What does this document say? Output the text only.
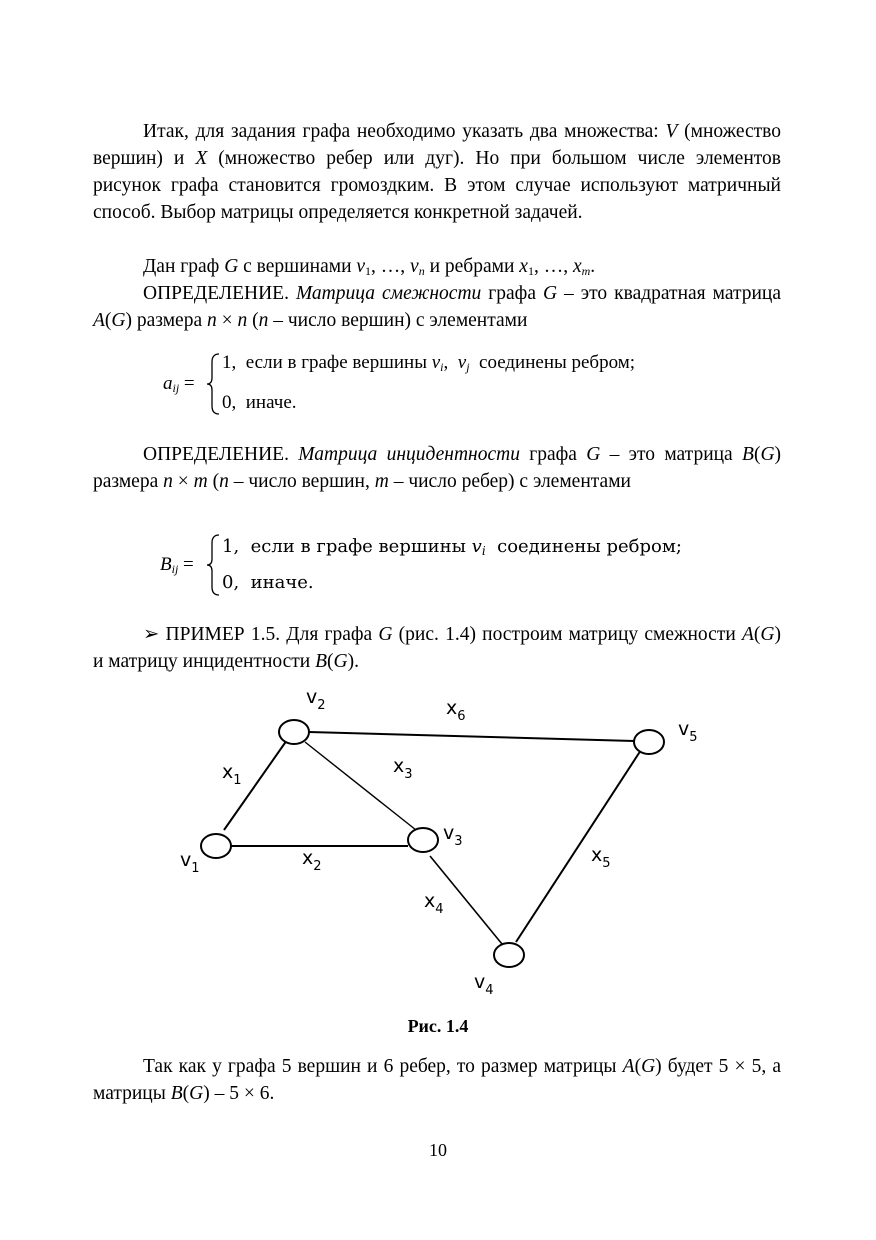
Итак, для задания графа необходимо указать два множества: V (множество вершин) и X (множество ребер или дуг). Но при большом числе элементов рисунок графа становится громоздким. В этом случае используют матричный способ. Выбор матрицы определяется конкретной задачей.

Дан граф G с вершинами $v_1$, …, $v_n$ и ребрами $x_1$, …, $x_m$.

ОПРЕДЕЛЕНИЕ. Матрица смежности графа G – это квадратная матрица A(G) размера n × n (n – число вершин) с элементами

$a_{ij}$ =
1, если в графе вершины $v_i$, $v_j$ соединены ребром;
0, иначе.

ОПРЕДЕЛЕНИЕ. Матрица инцидентности графа G – это матрица B(G) размера n × m (n – число вершин, m – число ребер) с элементами

$B_{ij}$ =
1, если в графе вершины $v_i$ соединены ребром;
0, иначе.

➢ ПРИМЕР 1.5. Для графа G (рис. 1.4) построим матрицу смежности A(G) и матрицу инцидентности B(G).

$v_1$
$v_2$
$v_3$
$v_4$
$v_5$
$x_1$
$x_2$
$x_3$
$x_4$
$x_5$
$x_6$
Рис. 1.4

Так как у графа 5 вершин и 6 ребер, то размер матрицы A(G) будет 5 × 5, а матрицы B(G) – 5 × 6.

10
